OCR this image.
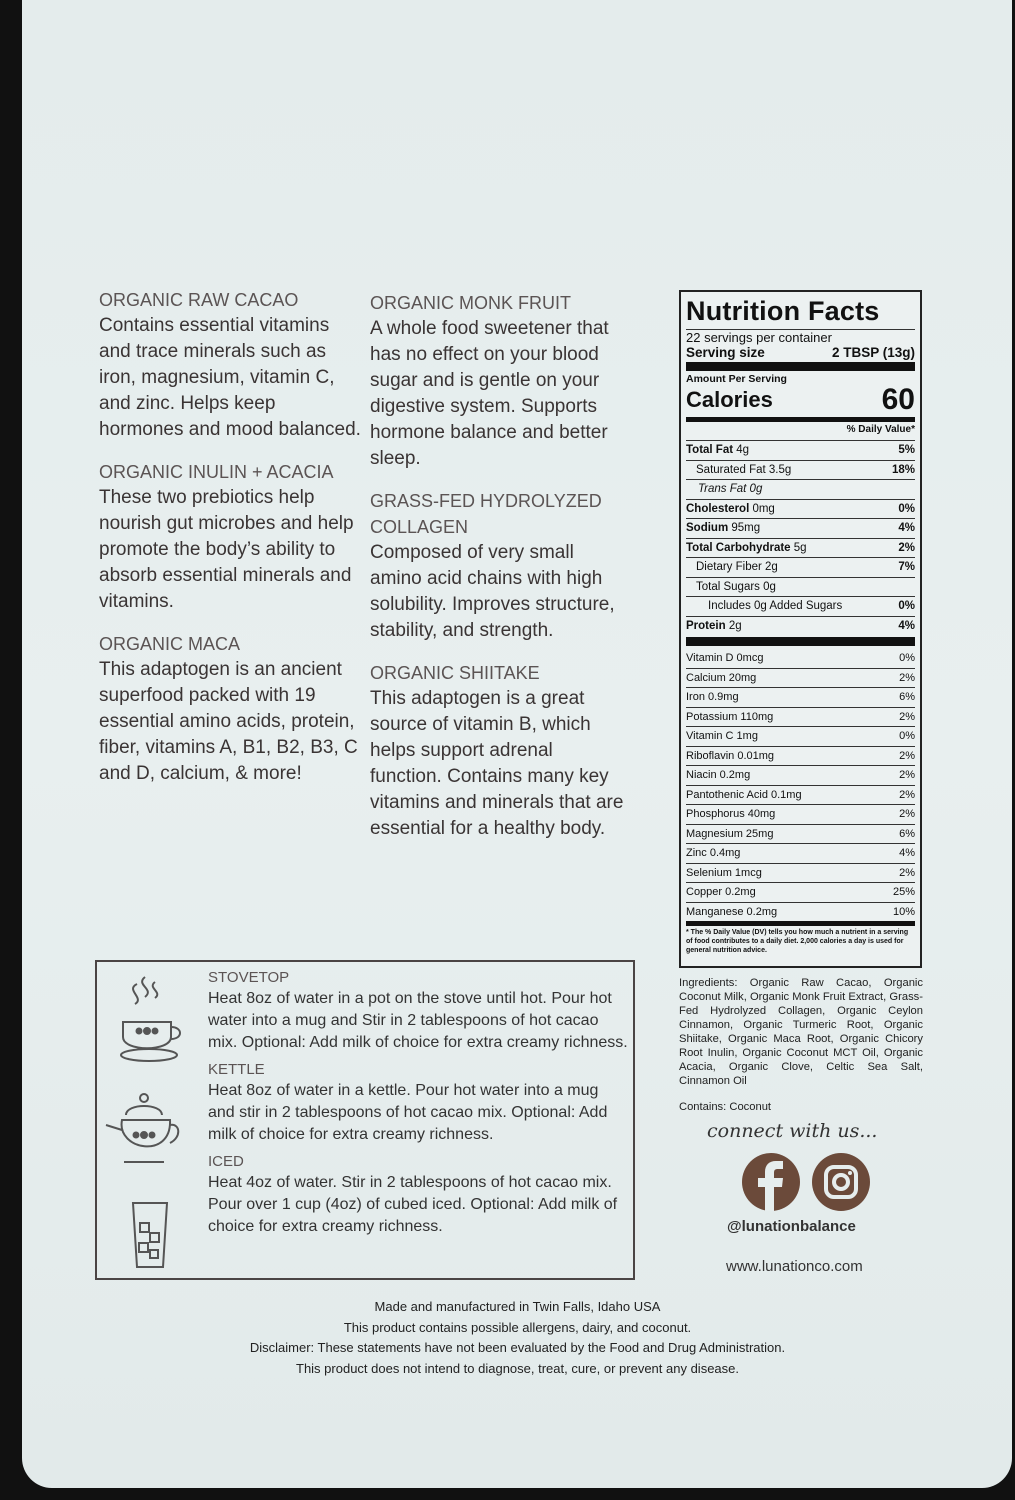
ORGANIC RAW CACAO

Contains essential vitamins and trace minerals such as iron, magnesium, vitamin C, and zinc. Helps keep hormones and mood balanced.

ORGANIC INULIN + ACACIA

These two prebiotics help nourish gut microbes and help promote the body’s ability to absorb essential minerals and vitamins.

ORGANIC MACA

This adaptogen is an ancient superfood packed with 19 essential amino acids, protein, fiber, vitamins A, B1, B2, B3, C and D, calcium, & more!

ORGANIC MONK FRUIT

A whole food sweetener that has no effect on your blood sugar and is gentle on your digestive system. Supports hormone balance and better sleep.

GRASS-FED HYDROLYZED COLLAGEN

Composed of very small amino acid chains with high solubility. Improves structure, stability, and strength.

ORGANIC SHIITAKE

This adaptogen is a great source of vitamin B, which helps support adrenal function. Contains many key vitamins and minerals that are essential for a healthy body.

Nutrition Facts
22 servings per container
Serving size	2 TBSP (13g)
Amount Per Serving
Calories	60
% Daily Value*
Total Fat 4g	5%
Saturated Fat 3.5g	18%
Trans Fat 0g
Cholesterol 0mg	0%
Sodium 95mg	4%
Total Carbohydrate 5g	2%
Dietary Fiber 2g	7%
Total Sugars 0g
Includes 0g Added Sugars	0%
Protein 2g	4%
Vitamin D 0mcg	0%
Calcium 20mg	2%
Iron 0.9mg	6%
Potassium 110mg	2%
Vitamin C 1mg	0%
Riboflavin 0.01mg	2%
Niacin 0.2mg	2%
Pantothenic Acid 0.1mg	2%
Phosphorus 40mg	2%
Magnesium 25mg	6%
Zinc 0.4mg	4%
Selenium 1mcg	2%
Copper 0.2mg	25%
Manganese 0.2mg	10%
* The % Daily Value (DV) tells you how much a nutrient in a serving of food contributes to a daily diet. 2,000 calories a day is used for general nutrition advice.

Ingredients: Organic Raw Cacao, Organic Coconut Milk, Organic Monk Fruit Extract, Grass-Fed Hydrolyzed Collagen, Organic Ceylon Cinnamon, Organic Turmeric Root, Organic Shiitake, Organic Maca Root, Organic Chicory Root Inulin, Organic Coconut MCT Oil, Organic Acacia, Organic Clove, Celtic Sea Salt, Cinnamon Oil

Contains: Coconut

STOVETOP

Heat 8oz of water in a pot on the stove until hot. Pour hot water into a mug and Stir in 2 tablespoons of hot cacao mix. Optional: Add milk of choice for extra creamy richness.

KETTLE

Heat 8oz of water in a kettle. Pour hot water into a mug and stir in 2 tablespoons of hot cacao mix. Optional: Add milk of choice for extra creamy richness.

ICED

Heat 4oz of water. Stir in 2 tablespoons of hot cacao mix. Pour over 1 cup (4oz) of cubed iced. Optional: Add milk of choice for extra creamy richness.

connect with us...
@lunationbalance
www.lunationco.com
Made and manufactured in Twin Falls, Idaho USA
This product contains possible allergens, dairy, and coconut.
Disclaimer: These statements have not been evaluated by the Food and Drug Administration.
This product does not intend to diagnose, treat, cure, or prevent any disease.
